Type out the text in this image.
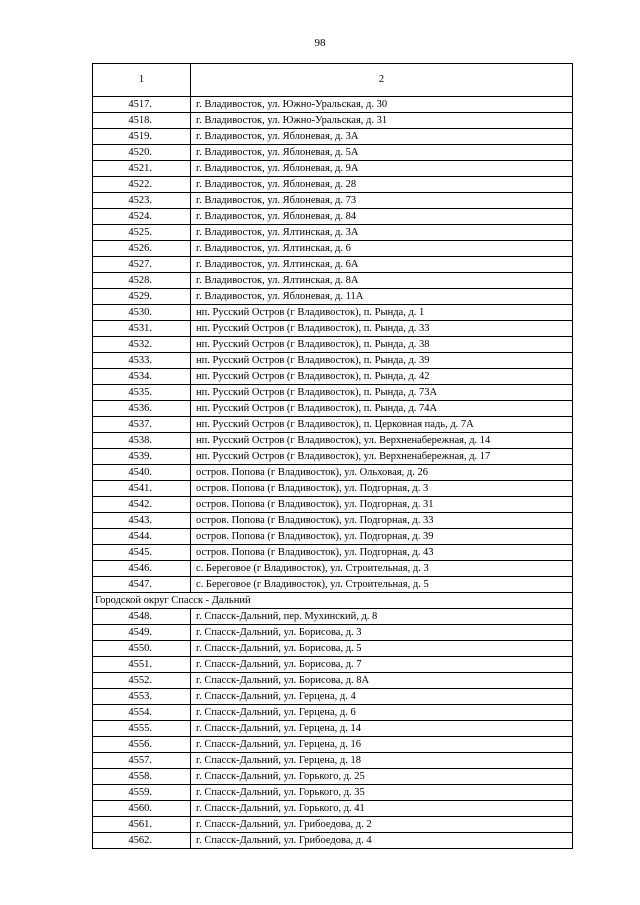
98
1	2
4517.	г. Владивосток, ул. Южно-Уральская, д. 30
4518.	г. Владивосток, ул. Южно-Уральская, д. 31
4519.	г. Владивосток, ул. Яблоневая, д. 3А
4520.	г. Владивосток, ул. Яблоневая, д. 5А
4521.	г. Владивосток, ул. Яблоневая, д. 9А
4522.	г. Владивосток, ул. Яблоневая, д. 28
4523.	г. Владивосток, ул. Яблоневая, д. 73
4524.	г. Владивосток, ул. Яблоневая, д. 84
4525.	г. Владивосток, ул. Ялтинская, д. 3А
4526.	г. Владивосток, ул. Ялтинская, д. 6
4527.	г. Владивосток, ул. Ялтинская, д. 6А
4528.	г. Владивосток, ул. Ялтинская, д. 8А
4529.	г. Владивосток, ул. Яблоневая, д. 11А
4530.	нп. Русский Остров (г Владивосток), п. Рында, д. 1
4531.	нп. Русский Остров (г Владивосток), п. Рында, д. 33
4532.	нп. Русский Остров (г Владивосток), п. Рында, д. 38
4533.	нп. Русский Остров (г Владивосток), п. Рында, д. 39
4534.	нп. Русский Остров (г Владивосток), п. Рында, д. 42
4535.	нп. Русский Остров (г Владивосток), п. Рында, д. 73А
4536.	нп. Русский Остров (г Владивосток), п. Рында, д. 74А
4537.	нп. Русский Остров (г Владивосток), п. Церковная падь, д. 7А
4538.	нп. Русский Остров (г Владивосток), ул. Верхненабережная, д. 14
4539.	нп. Русский Остров (г Владивосток), ул. Верхненабережная, д. 17
4540.	остров. Попова (г Владивосток), ул. Ольховая, д. 26
4541.	остров. Попова (г Владивосток), ул. Подгорная, д. 3
4542.	остров. Попова (г Владивосток), ул. Подгорная, д. 31
4543.	остров. Попова (г Владивосток), ул. Подгорная, д. 33
4544.	остров. Попова (г Владивосток), ул. Подгорная, д. 39
4545.	остров. Попова (г Владивосток), ул. Подгорная, д. 43
4546.	с. Береговое (г Владивосток), ул. Строительная, д. 3
4547.	с. Береговое (г Владивосток), ул. Строительная, д. 5
Городской округ Спасск - Дальний	
4548.	г. Спасск-Дальний, пер. Мухинский, д. 8
4549.	г. Спасск-Дальний, ул. Борисова, д. 3
4550.	г. Спасск-Дальний, ул. Борисова, д. 5
4551.	г. Спасск-Дальний, ул. Борисова, д. 7
4552.	г. Спасск-Дальний, ул. Борисова, д. 8А
4553.	г. Спасск-Дальний, ул. Герцена, д. 4
4554.	г. Спасск-Дальний, ул. Герцена, д. 6
4555.	г. Спасск-Дальний, ул. Герцена, д. 14
4556.	г. Спасск-Дальний, ул. Герцена, д. 16
4557.	г. Спасск-Дальний, ул. Герцена, д. 18
4558.	г. Спасск-Дальний, ул. Горького, д. 25
4559.	г. Спасск-Дальний, ул. Горького, д. 35
4560.	г. Спасск-Дальний, ул. Горького, д. 41
4561.	г. Спасск-Дальний, ул. Грибоедова, д. 2
4562.	г. Спасск-Дальний, ул. Грибоедова, д. 4
